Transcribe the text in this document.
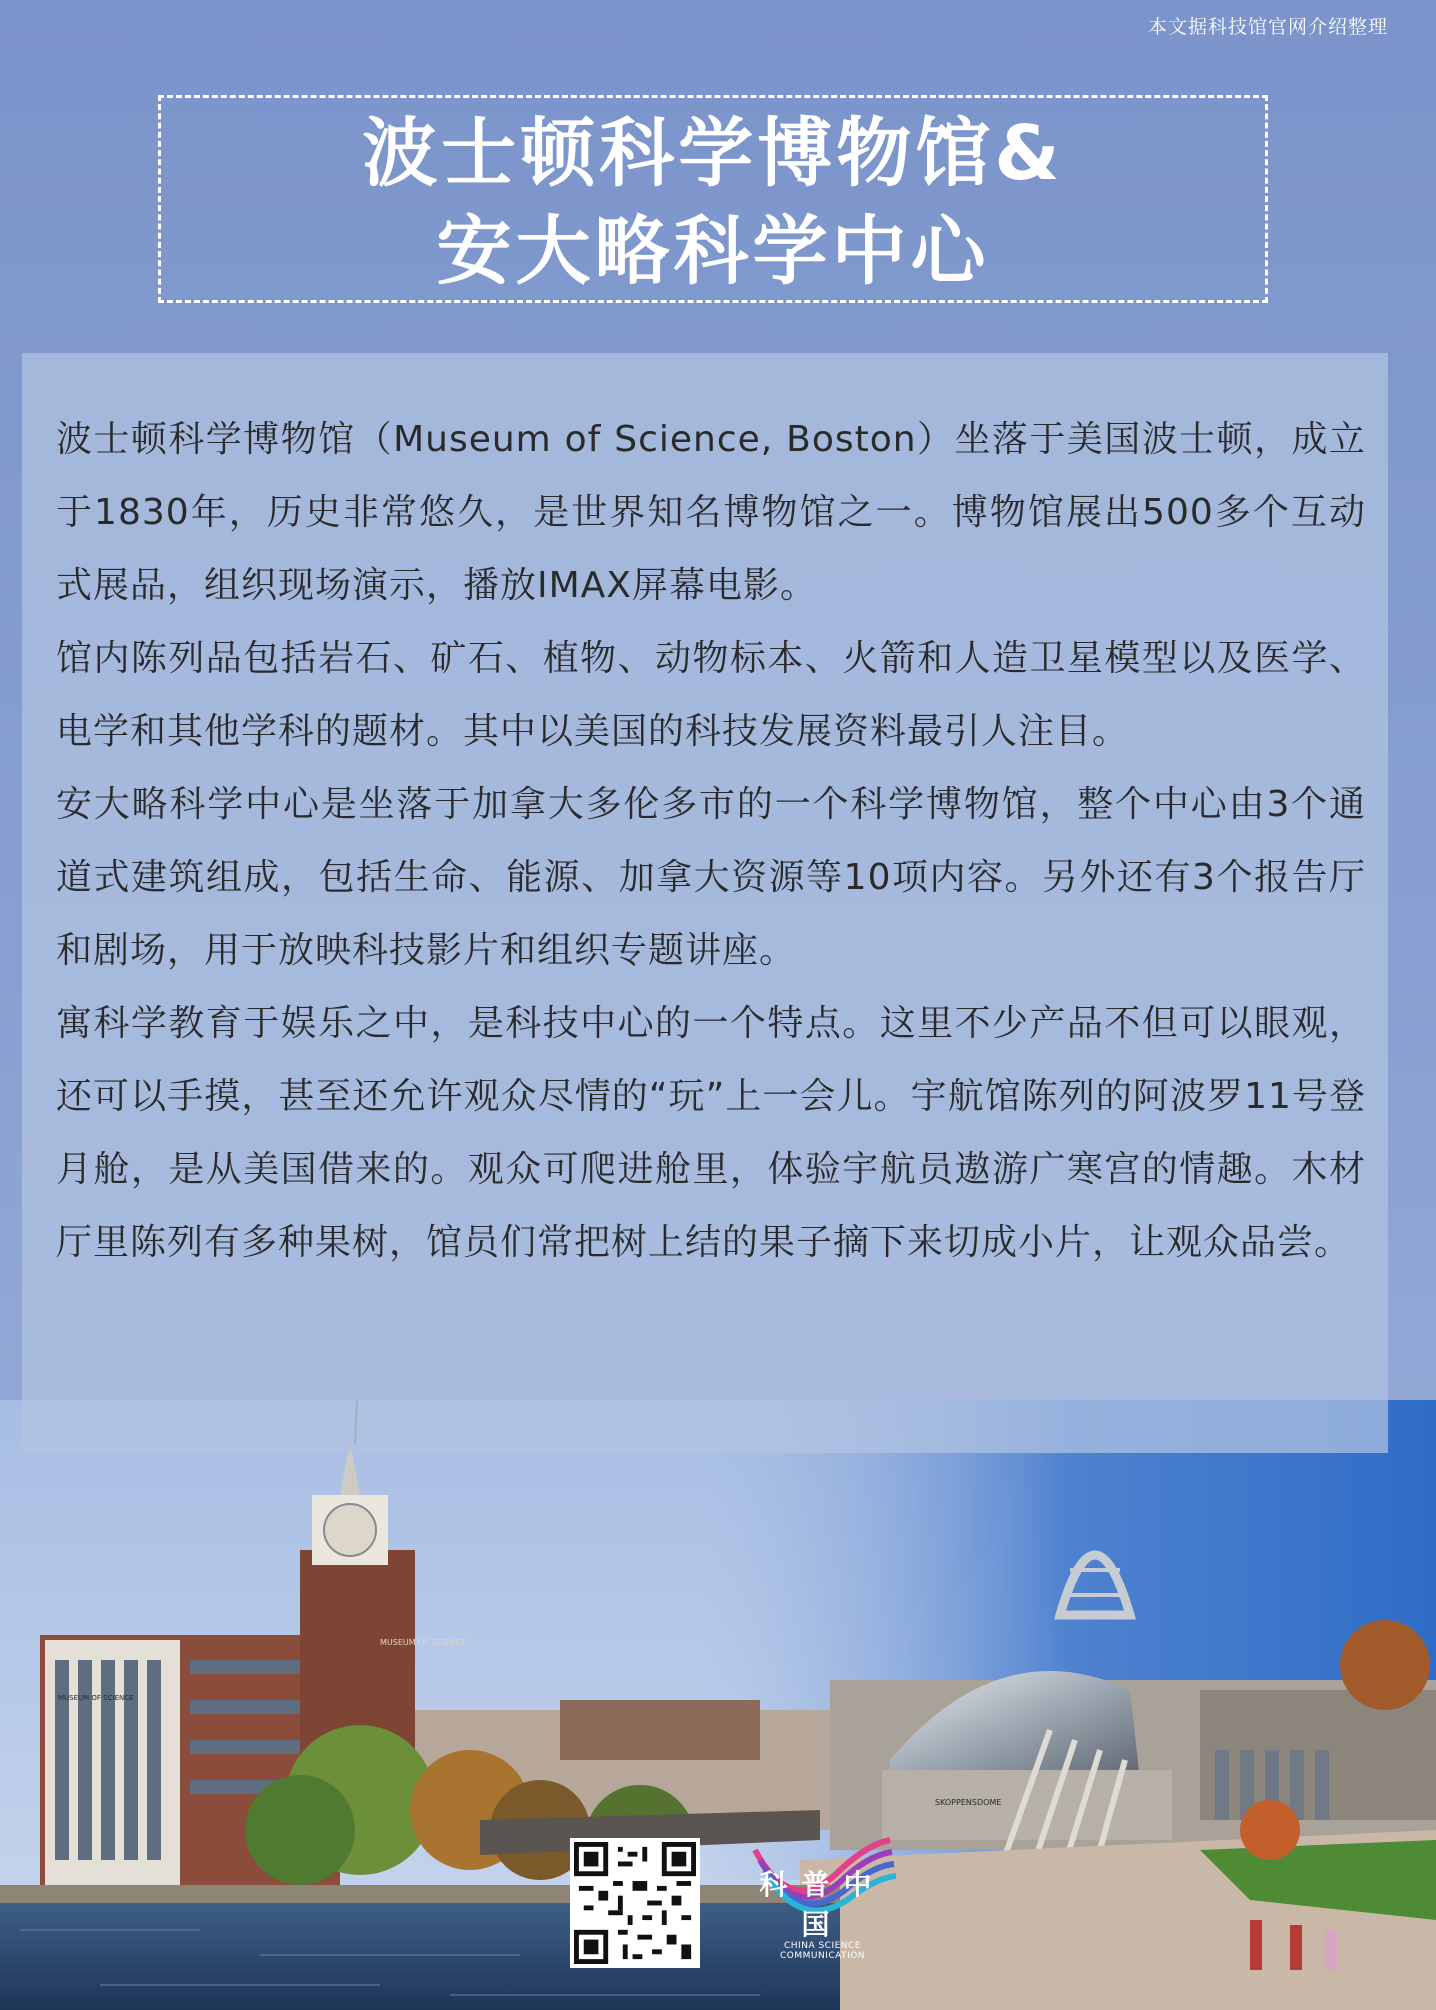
本文据科技馆官网介绍整理
波士顿科学博物馆&
安大略科学中心
MUSEUM OF SCIENCE
MUSEUM OF SCIENCE
SKOPPENSDOME

波士顿科学博物馆（Museum of Science, Boston）坐落于美国波士顿，成立于1830年，历史非常悠久，是世界知名博物馆之一。博物馆展出500多个互动式展品，组织现场演示，播放IMAX屏幕电影。

馆内陈列品包括岩石、矿石、植物、动物标本、火箭和人造卫星模型以及医学、电学和其他学科的题材。其中以美国的科技发展资料最引人注目。

安大略科学中心是坐落于加拿大多伦多市的一个科学博物馆，整个中心由3个通道式建筑组成，包括生命、能源、加拿大资源等10项内容。另外还有3个报告厅和剧场，用于放映科技影片和组织专题讲座。

寓科学教育于娱乐之中，是科技中心的一个特点。这里不少产品不但可以眼观，还可以手摸，甚至还允许观众尽情的“玩”上一会儿。宇航馆陈列的阿波罗11号登月舱，是从美国借来的。观众可爬进舱里，体验宇航员遨游广寒宫的情趣。木材厅里陈列有多种果树，馆员们常把树上结的果子摘下来切成小片，让观众品尝。

科普中国
CHINA SCIENCE COMMUNICATION
